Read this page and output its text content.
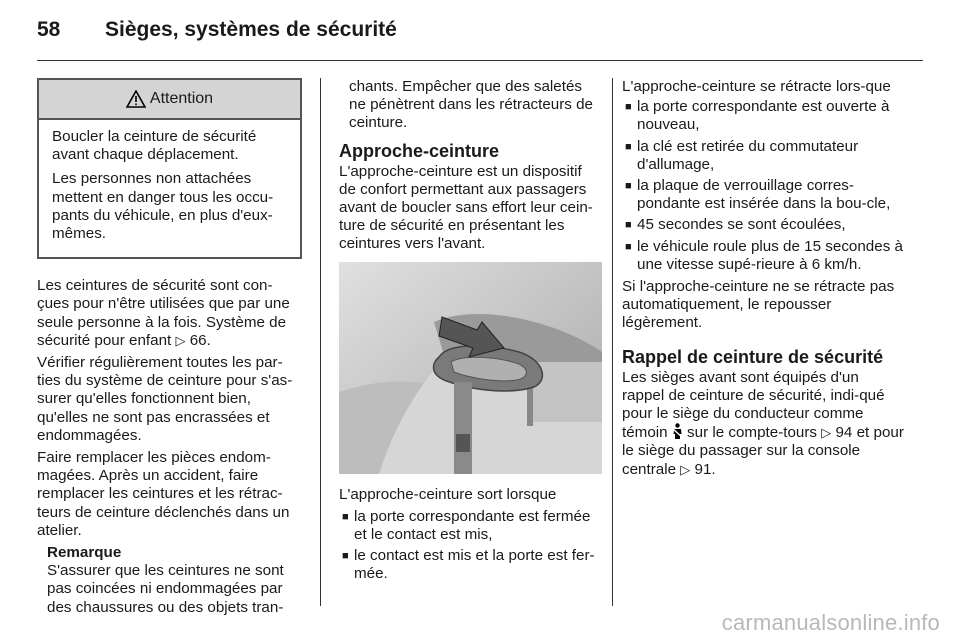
58	Sièges, systèmes de sécurité
Attention

Boucler la ceinture de sécurité avant chaque déplacement.

Les personnes non attachées mettent en danger tous les occu-pants du véhicule, en plus d'eux-mêmes.

Les ceintures de sécurité sont con-çues pour n'être utilisées que par une seule personne à la fois. Système de sécurité pour enfant ▷ 66.

Vérifier régulièrement toutes les par-ties du système de ceinture pour s'as-surer qu'elles fonctionnent bien, qu'elles ne sont pas encrassées et endommagées.

Faire remplacer les pièces endom-magées. Après un accident, faire remplacer les ceintures et les rétrac-teurs de ceinture déclenchés dans un atelier.

Remarque
S'assurer que les ceintures ne sont pas coincées ni endommagées par des chaussures ou des objets tran-
chants. Empêcher que des saletés ne pénètrent dans les rétracteurs de ceinture.
Approche-ceinture

L'approche-ceinture est un dispositif de confort permettant aux passagers avant de boucler sans effort leur cein-ture de sécurité en présentant les ceintures vers l'avant.

L'approche-ceinture sort lorsque

■ la porte correspondante est fermée et le contact est mis,
■ le contact est mis et la porte est fer-mée.

L'approche-ceinture se rétracte lors-que

■ la porte correspondante est ouverte à nouveau,
■ la clé est retirée du commutateur d'allumage,
■ la plaque de verrouillage corres-pondante est insérée dans la bou-cle,
■ 45 secondes se sont écoulées,
■ le véhicule roule plus de 15 secondes à une vitesse supé-rieure à 6 km/h.

Si l'approche-ceinture ne se rétracte pas automatiquement, le repousser légèrement.

Rappel de ceinture de sécurité

Les sièges avant sont équipés d'un rappel de ceinture de sécurité, indi-qué pour le siège du conducteur comme témoin  sur le compte-tours ▷ 94 et pour le siège du passager sur la console centrale ▷ 91.

carmanualsonline.info
